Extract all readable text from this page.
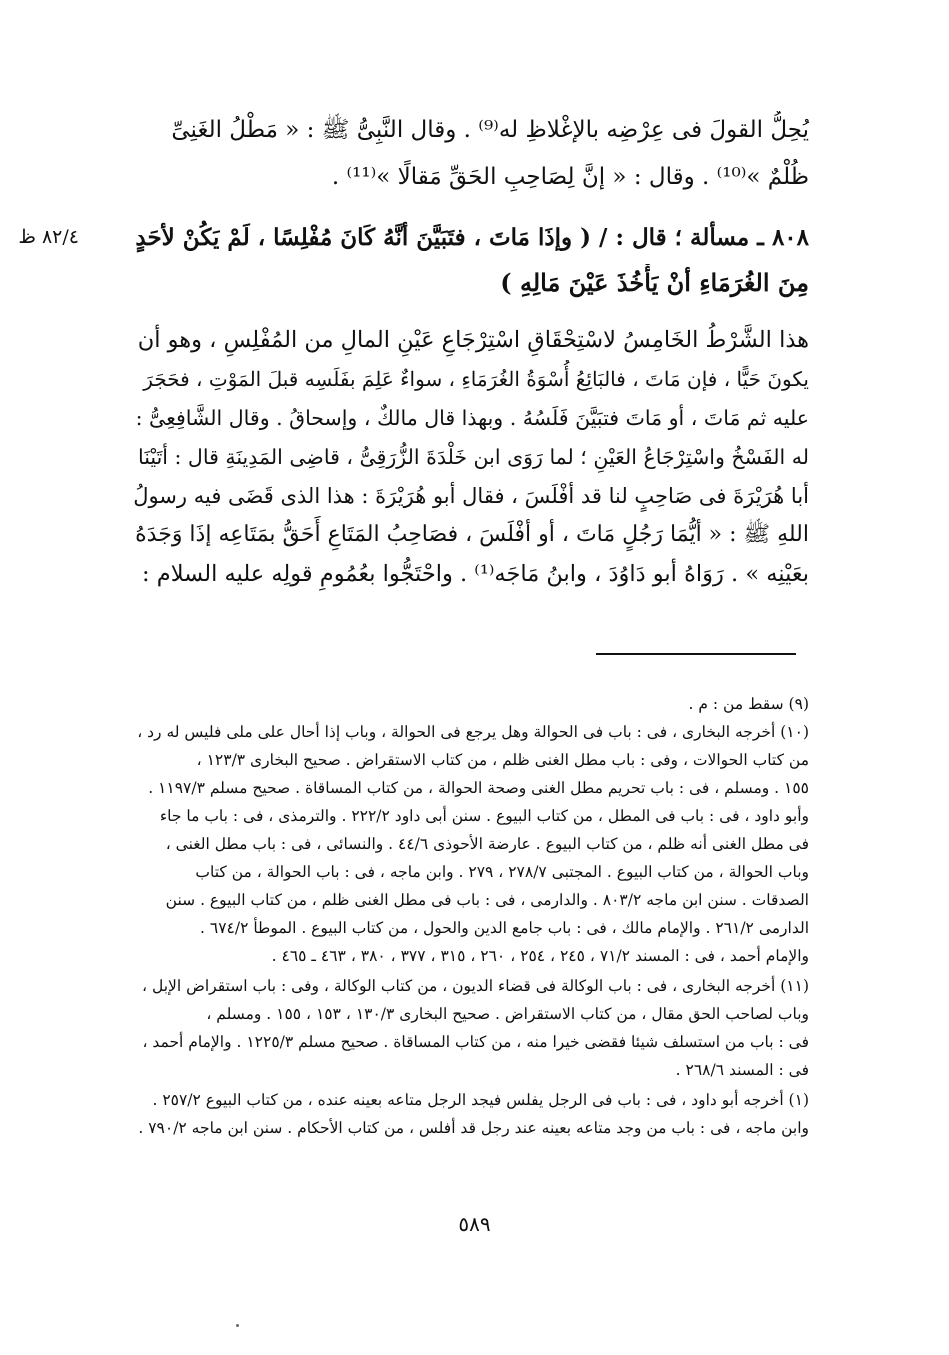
٨٢/٤ ظ
يُحِلُّ القولَ فى عِرْضِه بالإغْلاظِ له⁽⁹⁾ . وقال النَّبِىُّ ﷺ : « مَطْلُ الغَنِىِّ
ظُلْمٌ »⁽¹⁰⁾ . وقال : « إنَّ لِصَاحِبِ الحَقِّ مَقالًا »⁽¹¹⁾ .
٨٠٨ ـ مسألة ؛ قال : / ( وإذَا مَاتَ ، فتَبَيَّنَ أنَّهُ كَانَ مُفْلِسًا ، لَمْ يَكُنْ لأحَدٍ
مِنَ الغُرَمَاءِ أنْ يَأْخُذَ عَيْنَ مَالِهِ )
هذا الشَّرْطُ الخَامِسُ لاسْتِحْقَاقِ اسْتِرْجَاعِ عَيْنِ المالِ من المُفْلِسِ ، وهو أن
يكونَ حَيًّا ، فإن مَاتَ ، فالبَائِعُ أُسْوَةُ الغُرَمَاءِ ، سواءٌ عَلِمَ بفَلَسِه قبلَ المَوْتِ ، فحَجَرَ
عليه ثم مَاتَ ، أو مَاتَ فتبَيَّنَ فَلَسُهُ . وبهذا قال مالكٌ ، وإسحاقُ . وقال الشَّافِعِىُّ :
له الفَسْخُ واسْتِرْجَاعُ العَيْنِ ؛ لما رَوَى ابن خَلْدَةَ الزُّرَقِىُّ ، قاضِى المَدِينَةِ قال : أتَيْنَا
أبا هُرَيْرَةَ فى صَاحِبٍ لنا قد أفْلَسَ ، فقال أبو هُرَيْرَةَ : هذا الذى قَضَى فيه رسولُ
اللهِ ﷺ : « أيُّمَا رَجُلٍ مَاتَ ، أو أفْلَسَ ، فصَاحِبُ المَتَاعِ أَحَقُّ بمَتَاعِه إذَا وَجَدَهُ
بعَيْنِه » . رَوَاهُ أبو دَاوُدَ ، وابنُ مَاجَه⁽¹⁾ . واحْتَجُّوا بعُمُومِ قولِه عليه السلام :
(٩) سقط من : م .
(١٠) أخرجه البخارى ، فى : باب فى الحوالة وهل يرجع فى الحوالة ، وباب إذا أحال على ملى فليس له رد ،
من كتاب الحوالات ، وفى : باب مطل الغنى ظلم ، من كتاب الاستقراض . صحيح البخارى ١٢٣/٣ ،
١٥٥ . ومسلم ، فى : باب تحريم مطل الغنى وصحة الحوالة ، من كتاب المساقاة . صحيح مسلم ١١٩٧/٣ .
وأبو داود ، فى : باب فى المطل ، من كتاب البيوع . سنن أبى داود ٢٢٢/٢ . والترمذى ، فى : باب ما جاء
فى مطل الغنى أنه ظلم ، من كتاب البيوع . عارضة الأحوذى ٤٤/٦ . والنسائى ، فى : باب مطل الغنى ،
وباب الحوالة ، من كتاب البيوع . المجتبى ٢٧٨/٧ ، ٢٧٩ . وابن ماجه ، فى : باب الحوالة ، من كتاب
الصدقات . سنن ابن ماجه ٨٠٣/٢ . والدارمى ، فى : باب فى مطل الغنى ظلم ، من كتاب البيوع . سنن
الدارمى ٢٦١/٢ . والإمام مالك ، فى : باب جامع الدين والحول ، من كتاب البيوع . الموطأ ٦٧٤/٢ .
والإمام أحمد ، فى : المسند ٧١/٢ ، ٢٤٥ ، ٢٥٤ ، ٢٦٠ ، ٣١٥ ، ٣٧٧ ، ٣٨٠ ، ٤٦٣ ـ ٤٦٥ .
(١١) أخرجه البخارى ، فى : باب الوكالة فى قضاء الديون ، من كتاب الوكالة ، وفى : باب استقراض الإبل ،
وباب لصاحب الحق مقال ، من كتاب الاستقراض . صحيح البخارى ١٣٠/٣ ، ١٥٣ ، ١٥٥ . ومسلم ،
فى : باب من استسلف شيئا فقضى خيرا منه ، من كتاب المساقاة . صحيح مسلم ١٢٢٥/٣ . والإمام أحمد ،
فى : المسند ٢٦٨/٦ .
(١) أخرجه أبو داود ، فى : باب فى الرجل يفلس فيجد الرجل متاعه بعينه عنده ، من كتاب البيوع ٢٥٧/٢ .
وابن ماجه ، فى : باب من وجد متاعه بعينه عند رجل قد أفلس ، من كتاب الأحكام . سنن ابن ماجه ٧٩٠/٢ .
٥٨٩
